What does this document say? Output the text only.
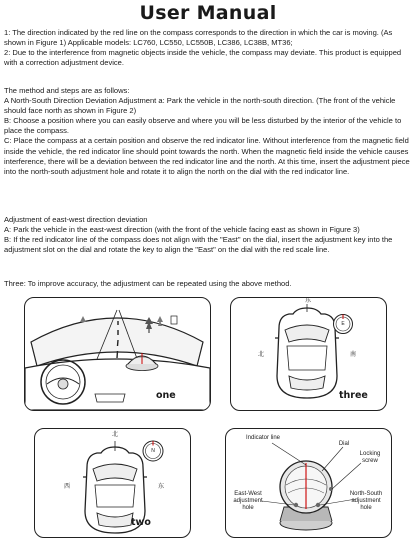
User Manual

1: The direction indicated by the red line on the compass corresponds to the direction in which the car is moving. (As shown in Figure 1) Applicable models: LC760, LC550, LC550B, LC386, LC38B, MT36;

2: Due to the interference from magnetic objects inside the vehicle, the compass may deviate. This product is equipped with a correction adjustment device.

The method and steps are as follows:

A North-South Direction Deviation Adjustment a: Park the vehicle in the north-south direction. (The front of the vehicle should face north as shown in Figure 2)

B: Choose a position where you can easily observe and where you will be less disturbed by the interior of the vehicle to place the compass.

C: Place the compass at a certain position and observe the red indicator line. Without interference from the magnetic field inside the vehicle, the red indicator line should point towards the north. When the magnetic field inside the vehicle causes interference, there will be a deviation between the red indicator line and the north. At this time, insert the adjustment piece into the north-south adjustment hole and rotate it to align the north on the dial with the red indicator line.

Adjustment of east-west direction deviation

A: Park the vehicle in the east-west direction (with the front of the vehicle facing east as shown in Figure 3)

B: If the red indicator line of the compass does not align with the "East" on the dial, insert the adjustment key into the adjustment slot on the dial and rotate the key to align the "East" on the dial with the red scale line.

Three: To improve accuracy, the adjustment can be repeated using the above method.

one
东
北	南
E
three
北
西	东
N
two
Indicator line
Dial
Locking
screw
East-West
adjustment
hole
North-South
adjustment
hole
